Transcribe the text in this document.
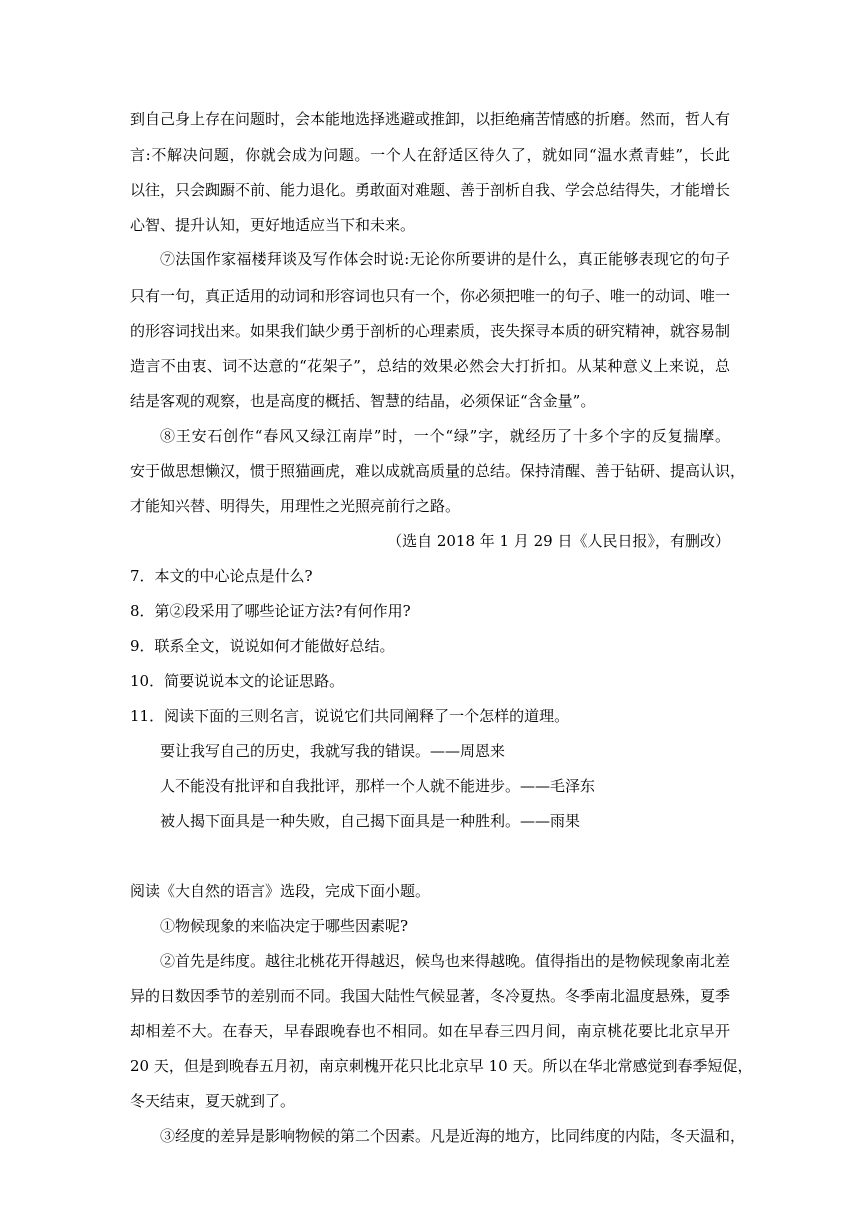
到自己身上存在问题时，会本能地选择逃避或推卸，以拒绝痛苦情感的折磨。然而，哲人有
言:不解决问题，你就会成为问题。一个人在舒适区待久了，就如同“温水煮青蛙”，长此
以往，只会踟蹰不前、能力退化。勇敢面对难题、善于剖析自我、学会总结得失，才能增长
心智、提升认知，更好地适应当下和未来。
⑦法国作家福楼拜谈及写作体会时说:无论你所要讲的是什么，真正能够表现它的句子
只有一句，真正适用的动词和形容词也只有一个，你必须把唯一的句子、唯一的动词、唯一
的形容词找出来。如果我们缺少勇于剖析的心理素质，丧失探寻本质的研究精神，就容易制
造言不由衷、词不达意的“花架子”，总结的效果必然会大打折扣。从某种意义上来说，总
结是客观的观察，也是高度的概括、智慧的结晶，必须保证“含金量”。
⑧王安石创作“春风又绿江南岸”时，一个“绿”字，就经历了十多个字的反复揣摩。
安于做思想懒汉，惯于照猫画虎，难以成就高质量的总结。保持清醒、善于钻研、提高认识，
才能知兴替、明得失，用理性之光照亮前行之路。
（选自 2018 年 1 月 29 日《人民日报》，有删改）
7．本文的中心论点是什么?
8．第②段采用了哪些论证方法?有何作用?
9．联系全文，说说如何才能做好总结。
10．简要说说本文的论证思路。
11．阅读下面的三则名言，说说它们共同阐释了一个怎样的道理。
要让我写自己的历史，我就写我的错误。——周恩来
人不能没有批评和自我批评，那样一个人就不能进步。——毛泽东
被人揭下面具是一种失败，自己揭下面具是一种胜利。——雨果
阅读《大自然的语言》选段，完成下面小题。
①物候现象的来临决定于哪些因素呢?
②首先是纬度。越往北桃花开得越迟，候鸟也来得越晚。值得指出的是物候现象南北差
异的日数因季节的差别而不同。我国大陆性气候显著，冬冷夏热。冬季南北温度悬殊，夏季
却相差不大。在春天，早春跟晚春也不相同。如在早春三四月间，南京桃花要比北京早开
20 天，但是到晚春五月初，南京刺槐开花只比北京早 10 天。所以在华北常感觉到春季短促，
冬天结束，夏天就到了。
③经度的差异是影响物候的第二个因素。凡是近海的地方，比同纬度的内陆，冬天温和，
